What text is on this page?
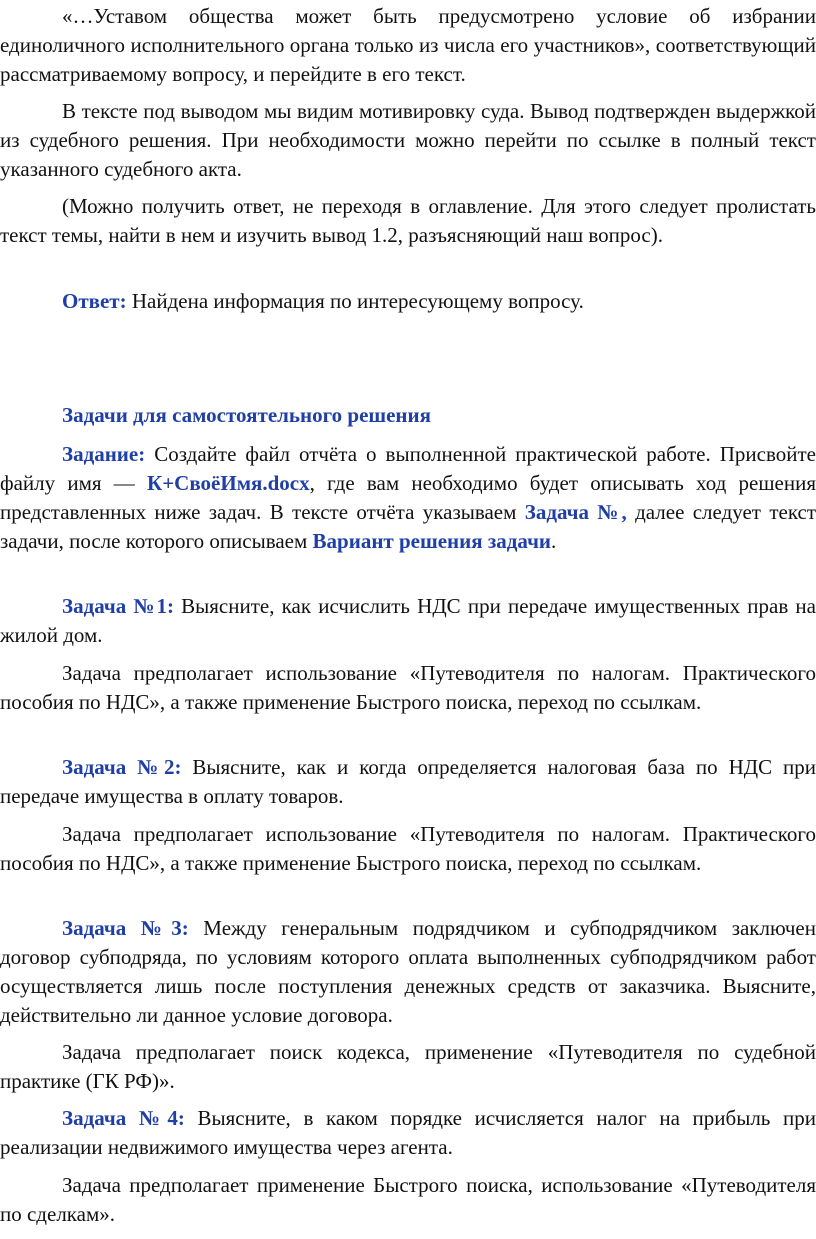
«…Уставом общества может быть предусмотрено условие об избрании единоличного исполнительного органа только из числа его участников», соответствующий рассматриваемому вопросу, и перейдите в его текст.

В тексте под выводом мы видим мотивировку суда. Вывод подтвержден выдержкой из судебного решения. При необходимости можно перейти по ссылке в полный текст указанного судебного акта.

(Можно получить ответ, не переходя в оглавление. Для этого следует пролистать текст темы, найти в нем и изучить вывод 1.2, разъясняющий наш вопрос).

Ответ: Найдена информация по интересующему вопросу.

Задачи для самостоятельного решения

Задание: Создайте файл отчёта о выполненной практической работе. Присвойте файлу имя — К+СвоёИмя.docx, где вам необходимо будет описывать ход решения представленных ниже задач. В тексте отчёта указываем Задача №, далее следует текст задачи, после которого описываем Вариант решения задачи.

Задача №1: Выясните, как исчислить НДС при передаче имущественных прав на жилой дом.

Задача предполагает использование «Путеводителя по налогам. Практического пособия по НДС», а также применение Быстрого поиска, переход по ссылкам.

Задача №2: Выясните, как и когда определяется налоговая база по НДС при передаче имущества в оплату товаров.

Задача предполагает использование «Путеводителя по налогам. Практического пособия по НДС», а также применение Быстрого поиска, переход по ссылкам.

Задача №3: Между генеральным подрядчиком и субподрядчиком заключен договор субподряда, по условиям которого оплата выполненных субподрядчиком работ осуществляется лишь после поступления денежных средств от заказчика. Выясните, действительно ли данное условие договора.

Задача предполагает поиск кодекса, применение «Путеводителя по судебной практике (ГК РФ)».

Задача №4: Выясните, в каком порядке исчисляется налог на прибыль при реализации недвижимого имущества через агента.

Задача предполагает применение Быстрого поиска, использование «Путеводителя по сделкам».
